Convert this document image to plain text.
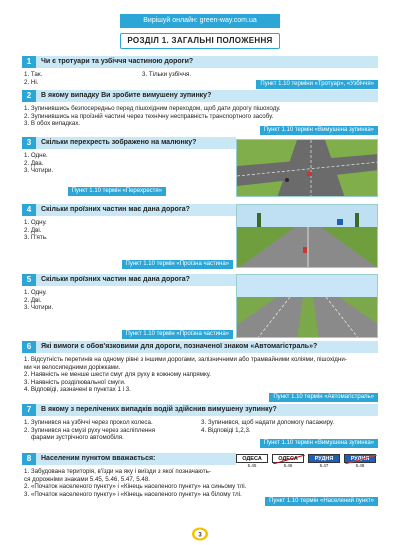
Вирішуй онлайн: green-way.com.ua
РОЗДІЛ 1. ЗАГАЛЬНІ ПОЛОЖЕННЯ
1	Чи є тротуари та узбіччя частиною дороги?
1. Так.
2. Ні.
3. Тільки узбіччя.
Пункт 1.10 терміни «Тротуар», «Узбіччя»
2	В якому випадку Ви зробите вимушену зупинку?
1. Зупинившись безпосередньо перед пішохідним переходом, щоб дати дорогу пішоходу.
2. Зупинившись на проїзній частині через технічну несправність транспортного засобу.
3. В обох випадках.
Пункт 1.10 термін «Вимушена зупинка»
3	Скільки перехресть зображено на малюнку?
1. Одне.
2. Два.
3. Чотири.
Пункт 1.10 термін «Перехрестя»
4	Скільки проїзних частин має дана дорога?
1. Одну.
2. Дві.
3. П'ять.
Пункт 1.10 термін «Проїзна частина»
5	Скільки проїзних частин має дана дорога?
1. Одну.
2. Дві.
3. Чотири.
Пункт 1.10 термін «Проїзна частина»
6	Які вимоги є обов'язковими для дороги, позначеної знаком «Автомагістраль»?
1. Відсутність перетинів на одному рівні з іншими дорогами, залізничними або трамвайними коліями, пішохідни-
ми чи велосипедними доріжками.
2. Наявність не менше шести смуг для руху в кожному напрямку.
3. Наявність розділювальної смуги.
4. Відповіді, зазначені в пунктах 1 і 3.
Пункт 1.10 термін «Автомагістраль»
7	В якому з перелічених випадків водій здійснив вимушену зупинку?
1. Зупинився на узбіччі через прокол колеса.
2. Зупинився на смузі руху через засліплення
фарами зустрічного автомобіля.
3. Зупинився, щоб надати допомогу пасажиру.
4. Відповіді 1,2,3.
Пункт 1.10 термін «Вимушена зупинка»
8	Населеним пунктом вважається:
1. Забудована територія, в'їзди на яку і виїзди з якої позначають-
ся дорожніми знаками 5.45, 5.46, 5.47, 5.48.
2. «Початок населеного пункту» і «Кінець населеного пункту» на синьому тлі.
3. «Початок населеного пункту» і «Кінець населеного пункту» на білому тлі.
ОДЕСА
5.45
ОДЕСА
5.46
РУДНЯ
5.47
РУДНЯ
5.48
Пункт 1.10 термін «Населений пункт»
3
